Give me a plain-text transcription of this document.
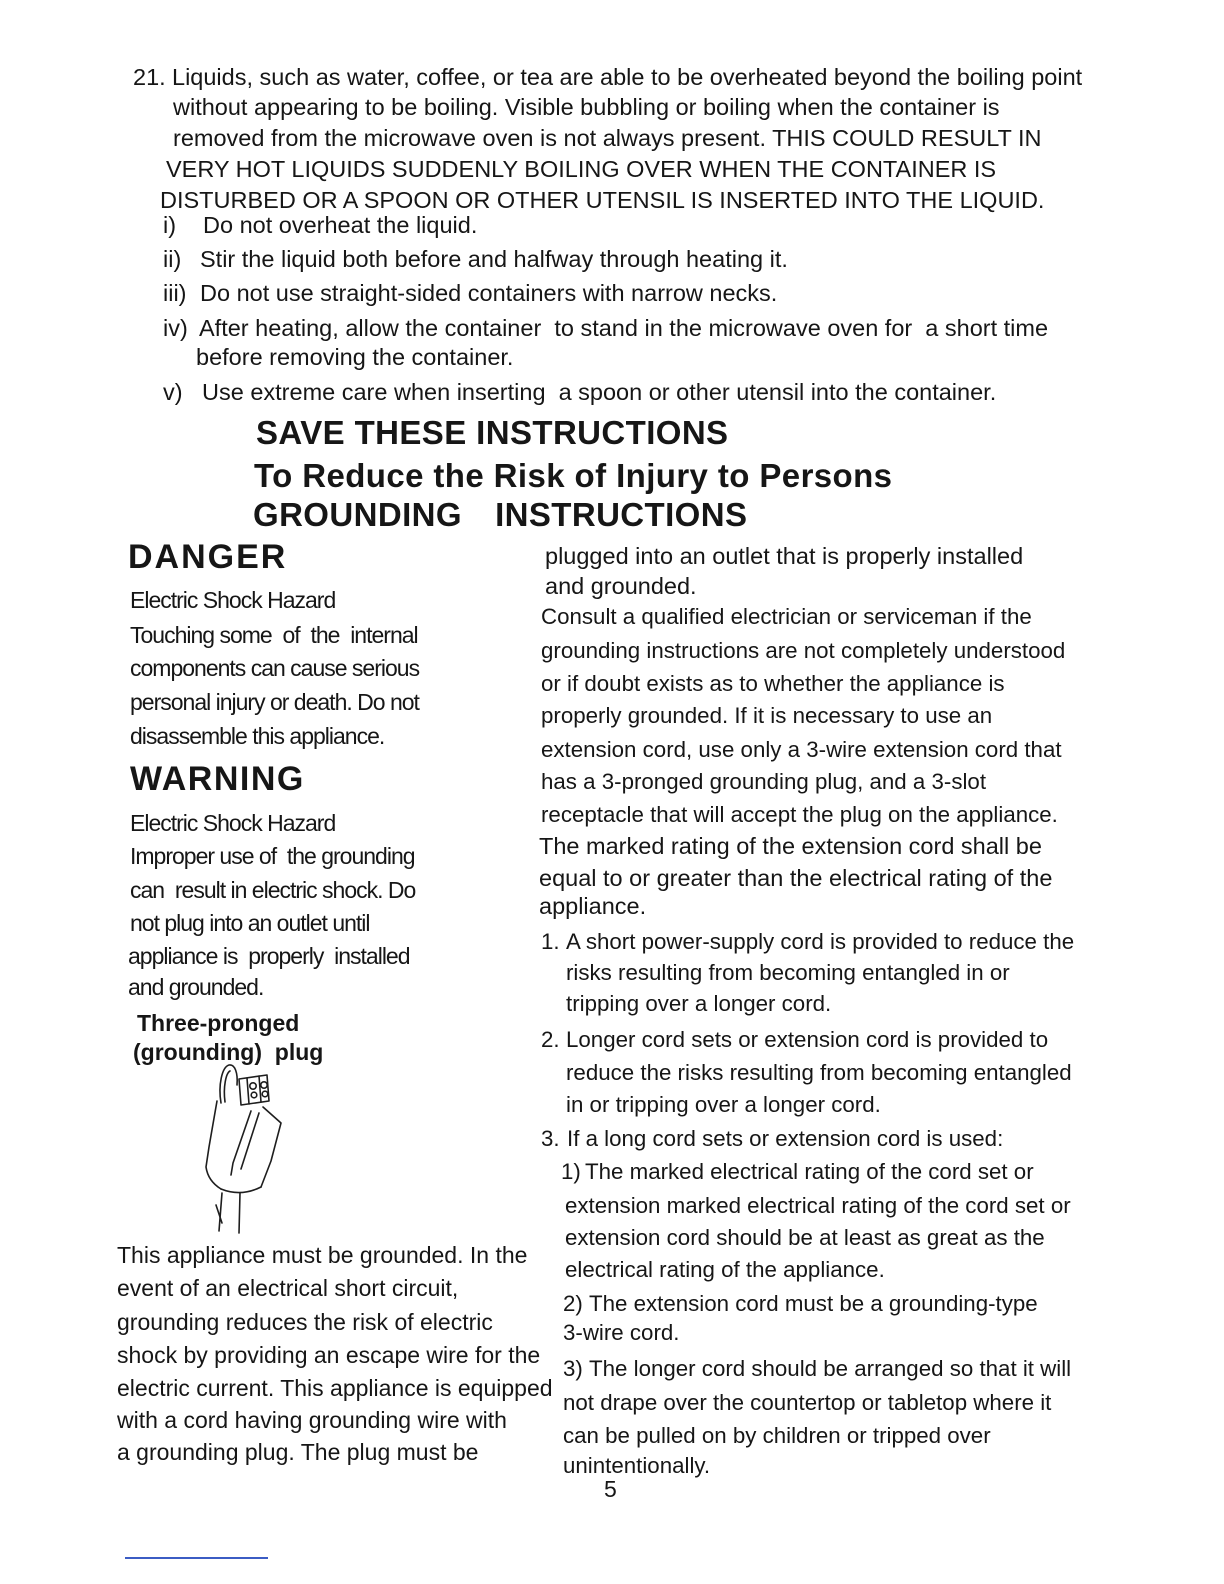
21. Liquids, such as water, coffee, or tea are able to be overheated beyond the boiling point
without appearing to be boiling. Visible bubbling or boiling when the container is
removed from the microwave oven is not always present. THIS COULD RESULT IN
VERY HOT LIQUIDS SUDDENLY BOILING OVER WHEN THE CONTAINER IS
DISTURBED OR A SPOON OR OTHER UTENSIL IS INSERTED INTO THE LIQUID.
i) Do not overheat the liquid.
ii) Stir the liquid both before and halfway through heating it.
iii) Do not use straight-sided containers with narrow necks.
iv) After heating, allow the container  to stand in the microwave oven for  a short time
before removing the container.
v) Use extreme care when inserting  a spoon or other utensil into the container.
SAVE THESE INSTRUCTIONS
To Reduce the Risk of Injury to Persons
GROUNDING  INSTRUCTIONS
DANGER
Electric Shock Hazard
Touching some  of  the  internal
components can cause serious
personal injury or death. Do not
disassemble this appliance.
WARNING
Electric Shock Hazard
Improper use of  the grounding
can  result in electric shock. Do
not plug into an outlet until
appliance is  properly  installed
and grounded.
Three-pronged
(grounding)  plug
This appliance must be grounded. In the
event of an electrical short circuit,
grounding reduces the risk of electric
shock by providing an escape wire for the
electric current. This appliance is equipped
with a cord having grounding wire with
a grounding plug. The plug must be
plugged into an outlet that is properly installed
and grounded.
Consult a qualified electrician or serviceman if the
grounding instructions are not completely understood
or if doubt exists as to whether the appliance is
properly grounded. If it is necessary to use an
extension cord, use only a 3-wire extension cord that
has a 3-pronged grounding plug, and a 3-slot
receptacle that will accept the plug on the appliance.
The marked rating of the extension cord shall be
equal to or greater than the electrical rating of the
appliance.
1. A short power-supply cord is provided to reduce the
risks resulting from becoming entangled in or
tripping over a longer cord.
2. Longer cord sets or extension cord is provided to
reduce the risks resulting from becoming entangled
in or tripping over a longer cord.
3. If a long cord sets or extension cord is used:
1) The marked electrical rating of the cord set or
extension marked electrical rating of the cord set or
extension cord should be at least as great as the
electrical rating of the appliance.
2) The extension cord must be a grounding-type
3-wire cord.
3) The longer cord should be arranged so that it will
not drape over the countertop or tabletop where it
can be pulled on by children or tripped over
unintentionally.
5
